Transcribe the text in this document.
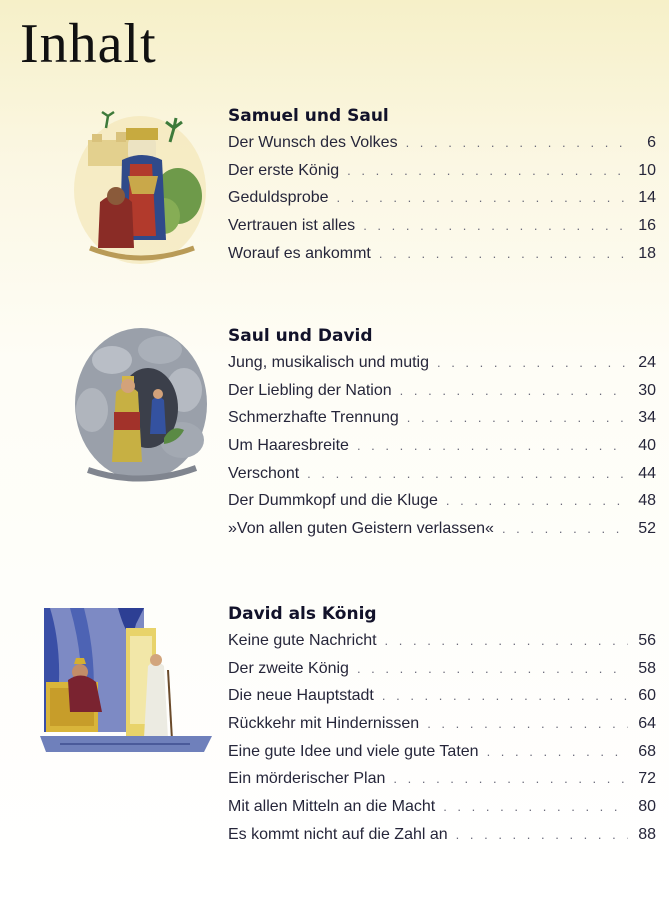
Inhalt
Samuel und Saul
Der Wunsch des Volkes . . .	6
Der erste König . . .	10
Geduldsprobe . . .	14
Vertrauen ist alles . . .	16
Worauf es ankommt . . .	18
Saul und David
Jung, musikalisch und mutig . . .	24
Der Liebling der Nation . . .	30
Schmerzhafte Trennung . . .	34
Um Haaresbreite . . .	40
Verschont . . .	44
Der Dummkopf und die Kluge . . .	48
»Von allen guten Geistern verlassen« . . .	52
David als König
Keine gute Nachricht . . .	56
Der zweite König . . .	58
Die neue Hauptstadt . . .	60
Rückkehr mit Hindernissen . . .	64
Eine gute Idee und viele gute Taten . . .	68
Ein mörderischer Plan . . .	72
Mit allen Mitteln an die Macht . . .	80
Es kommt nicht auf die Zahl an . . .	88
